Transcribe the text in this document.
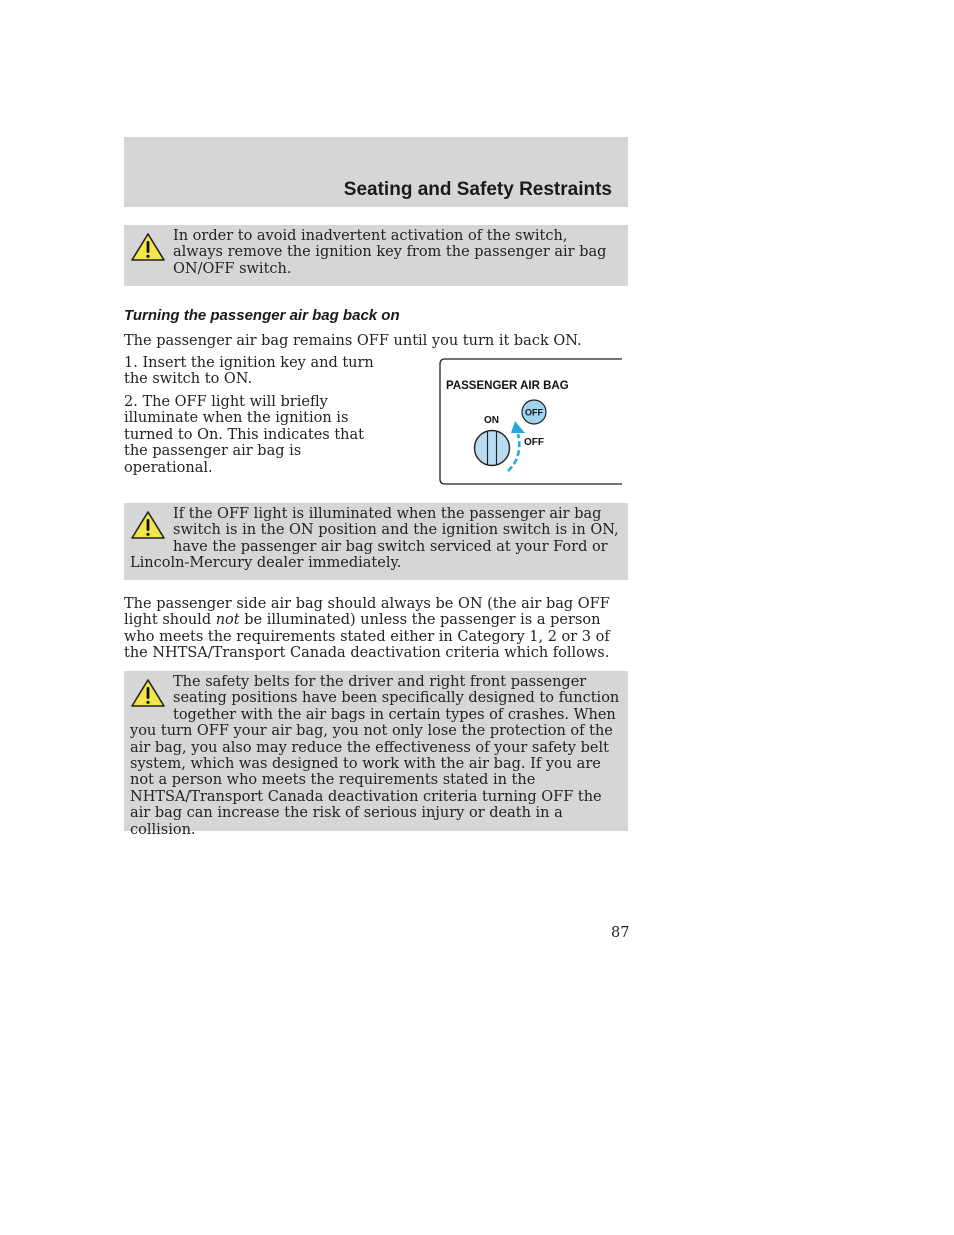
Seating and Safety Restraints

In order to avoid inadvertent activation of the switch, always remove the ignition key from the passenger air bag ON/OFF switch.

Turning the passenger air bag back on

The passenger air bag remains OFF until you turn it back ON.

1. Insert the ignition key and turn the switch to ON.

2. The OFF light will briefly illuminate when the ignition is turned to On. This indicates that the passenger air bag is operational.

PASSENGER AIR BAG
ON
OFF
OFF

If the OFF light is illuminated when the passenger air bag switch is in the ON position and the ignition switch is in ON, have the passenger air bag switch serviced at your Ford or Lincoln-Mercury dealer immediately.

The passenger side air bag should always be ON (the air bag OFF light should not be illuminated) unless the passenger is a person who meets the requirements stated either in Category 1, 2 or 3 of the NHTSA/Transport Canada deactivation criteria which follows.

The safety belts for the driver and right front passenger seating positions have been specifically designed to function together with the air bags in certain types of crashes. When you turn OFF your air bag, you not only lose the protection of the air bag, you also may reduce the effectiveness of your safety belt system, which was designed to work with the air bag. If you are not a person who meets the requirements stated in the NHTSA/Transport Canada deactivation criteria turning OFF the air bag can increase the risk of serious injury or death in a collision.

87
